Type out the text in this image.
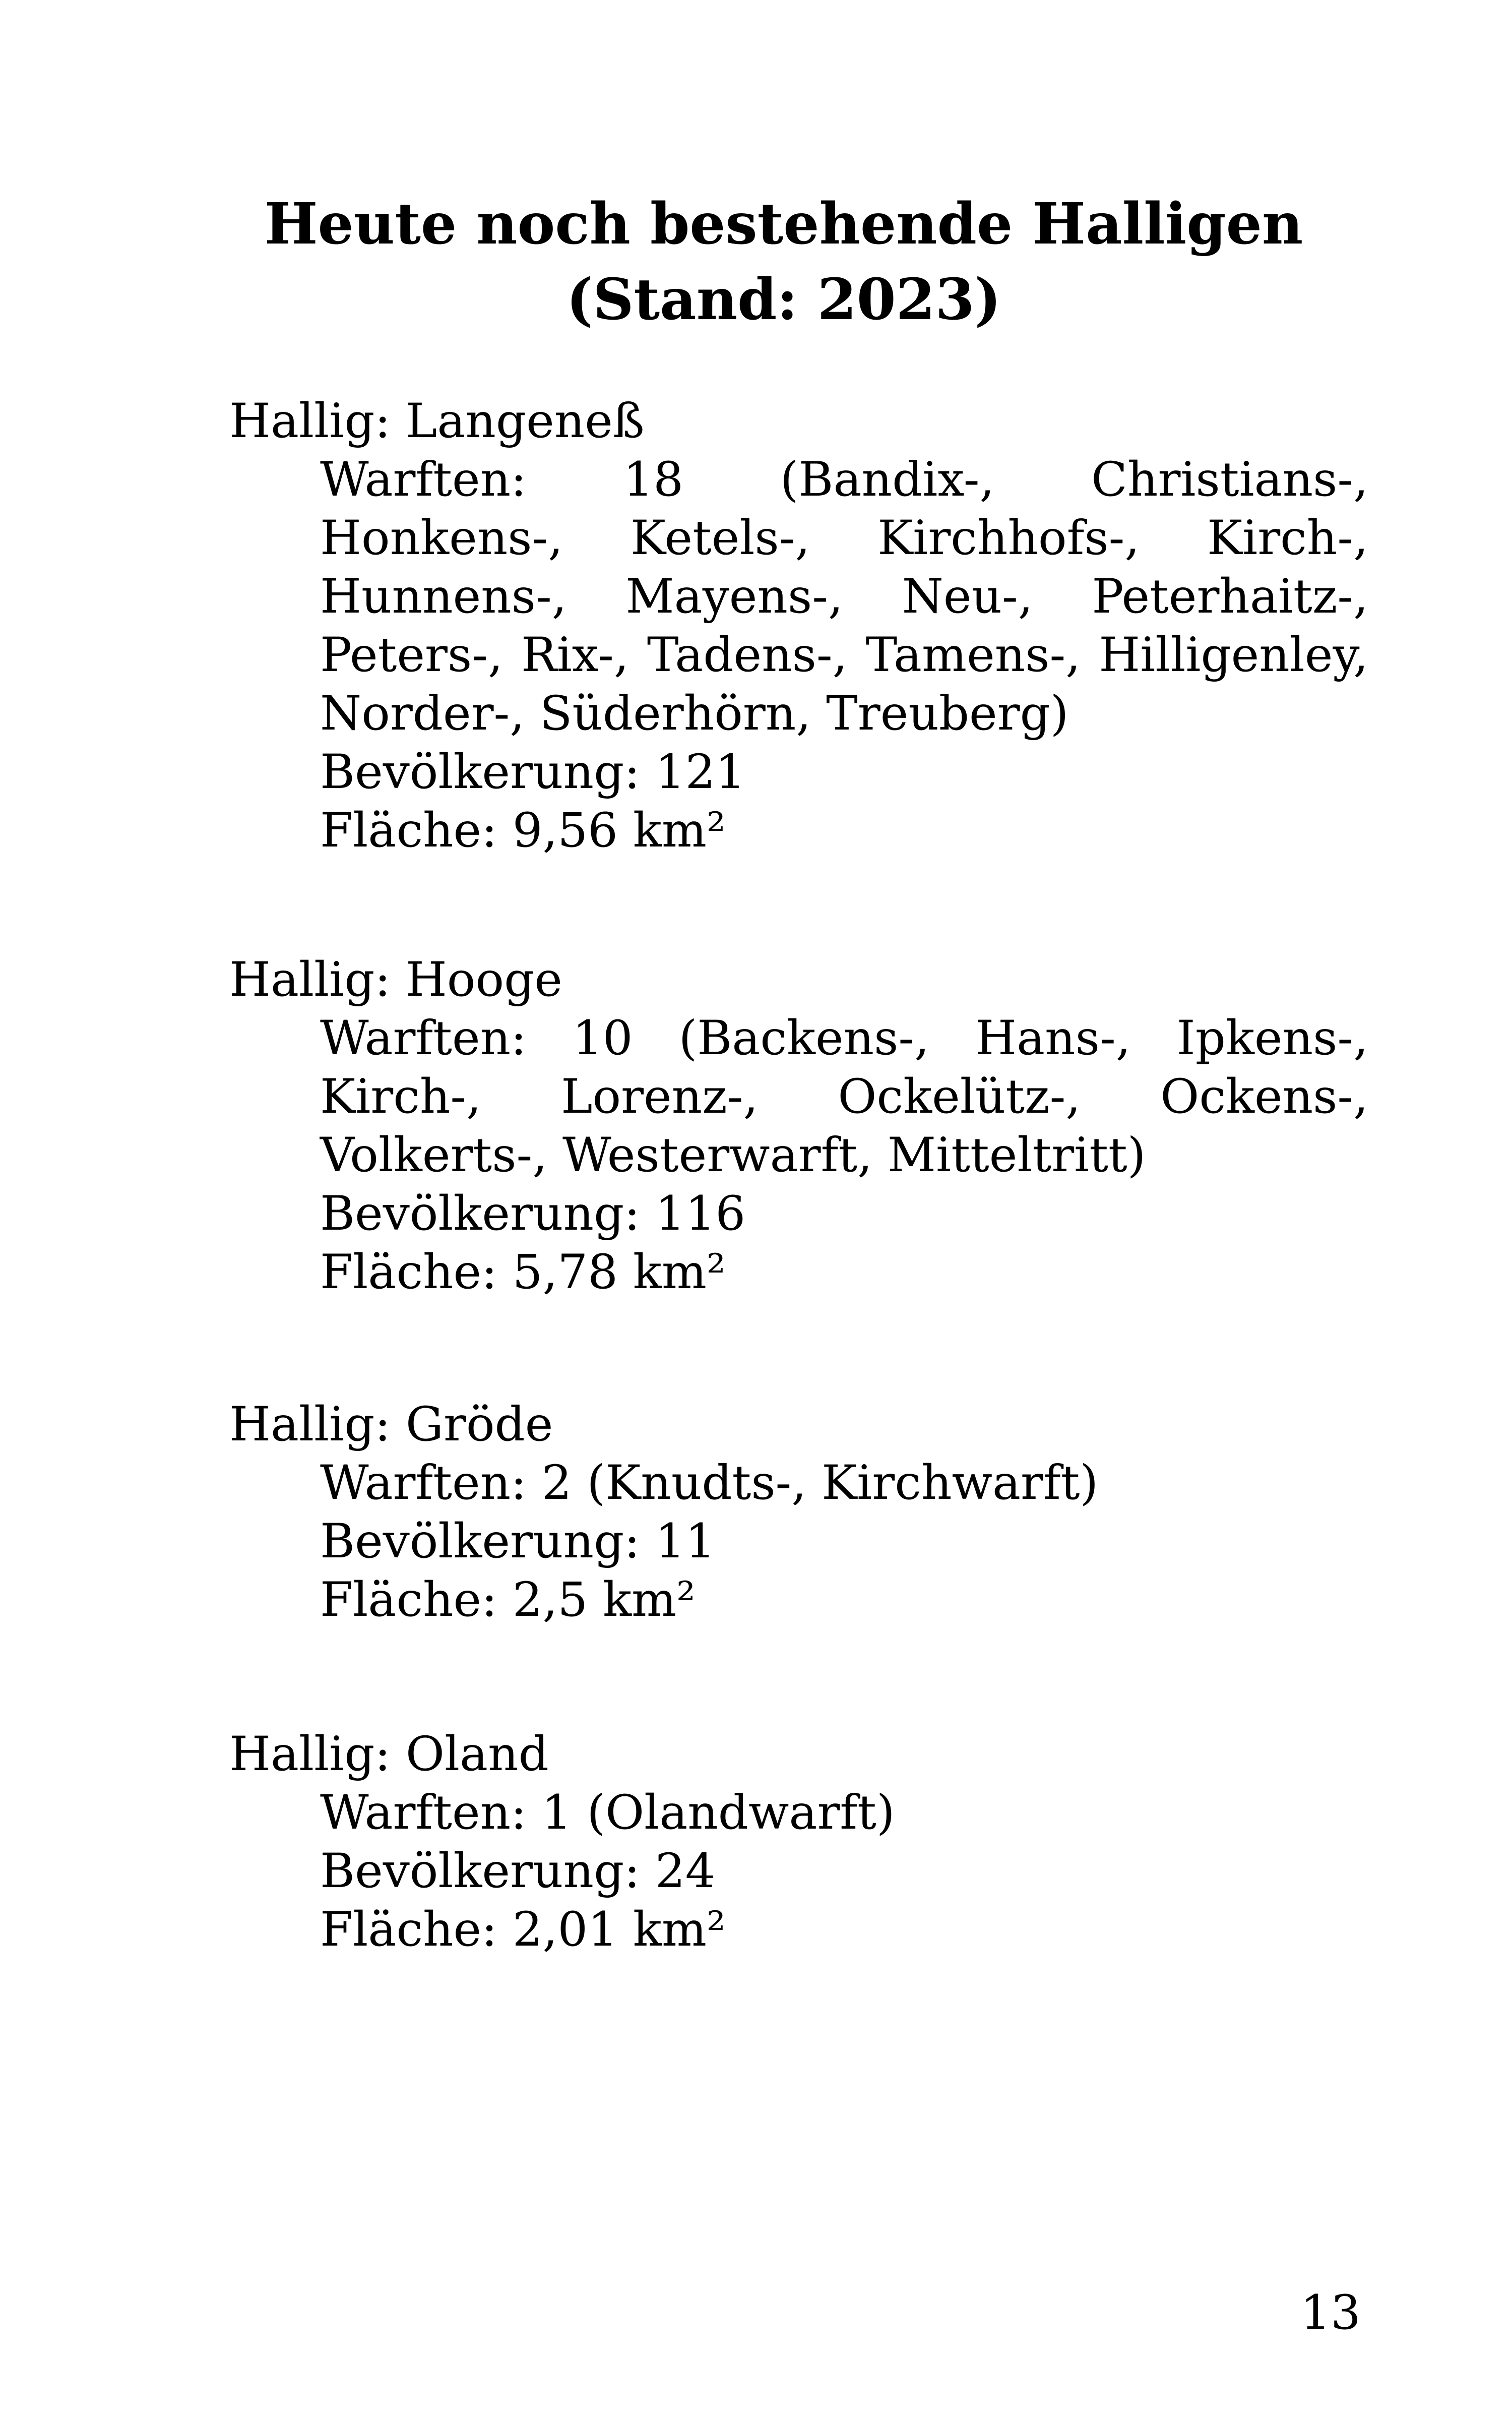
Heute noch bestehende Halligen
(Stand: 2023)

Hallig: Langeneß

Warften: 18 (Bandix-, Christians-, Honkens-, Ketels-, Kirchhofs-, Kirch-, Hunnens-, Mayens-, Neu-, Peterhaitz-, Peters-, Rix-, Tadens-, Tamens-, Hilligenley, Norder-, Süderhörn, Treuberg)

Bevölkerung: 121

Fläche: 9,56 km²

Hallig: Hooge

Warften: 10 (Backens-, Hans-, Ipkens-, Kirch-, Lorenz-, Ockelütz-, Ockens-, Volkerts-, Westerwarft, Mitteltritt)

Bevölkerung: 116

Fläche: 5,78 km²

Hallig: Gröde

Warften: 2 (Knudts-, Kirchwarft)

Bevölkerung: 11

Fläche: 2,5 km²

Hallig: Oland

Warften: 1 (Olandwarft)

Bevölkerung: 24

Fläche: 2,01 km²

13
